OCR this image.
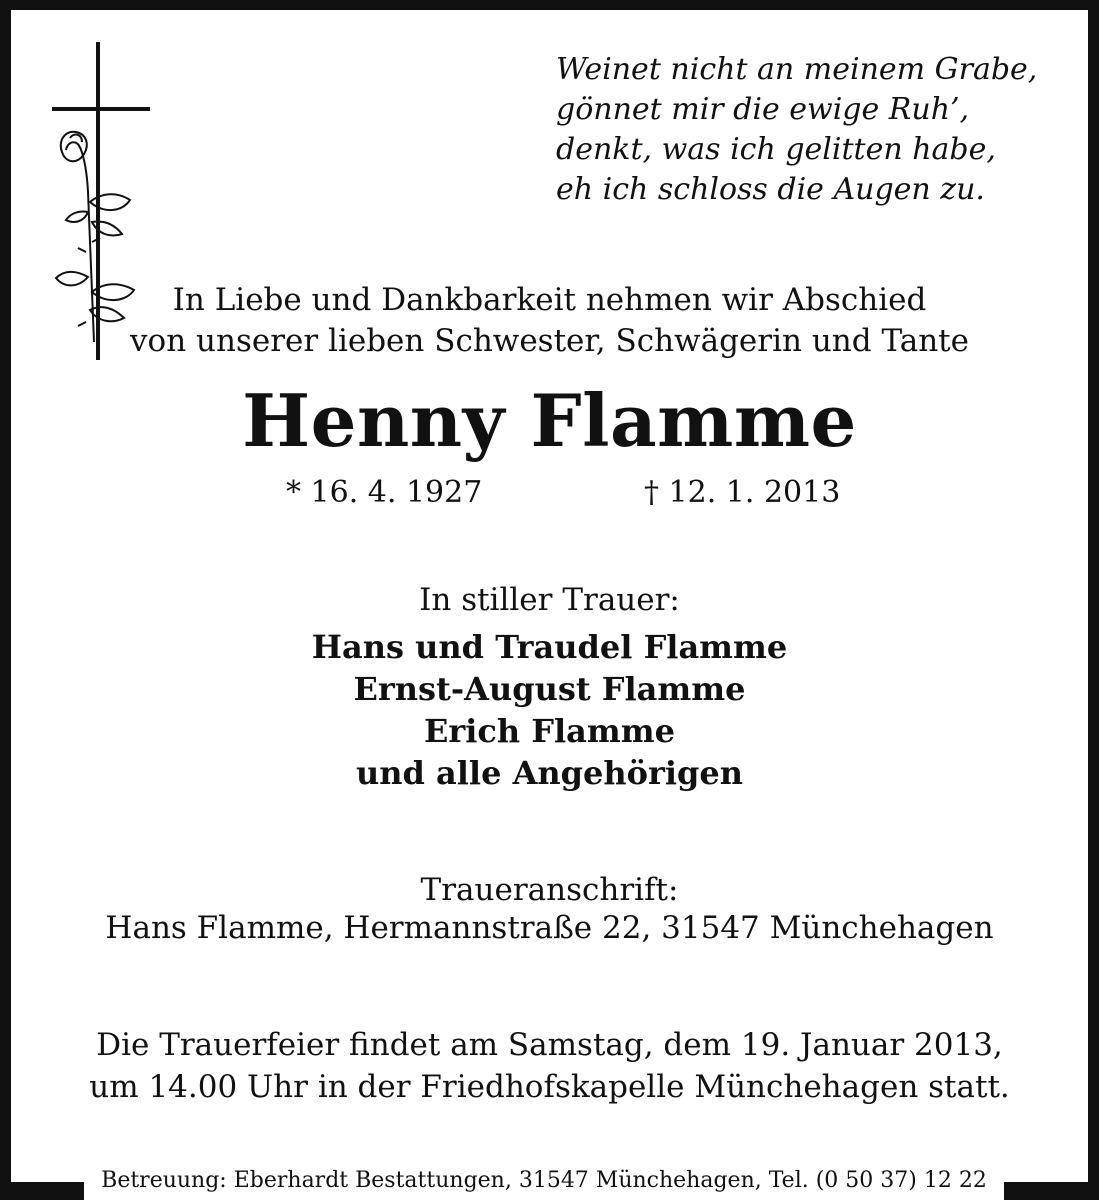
Weinet nicht an meinem Grabe,
gönnet mir die ewige Ruh’,
denkt, was ich gelitten habe,
eh ich schloss die Augen zu.
In Liebe und Dankbarkeit nehmen wir Abschied
von unserer lieben Schwester, Schwägerin und Tante
Henny Flamme
* 16. 4. 1927	† 12. 1. 2013
In stiller Trauer:
Hans und Traudel Flamme
Ernst-August Flamme
Erich Flamme
und alle Angehörigen
Traueranschrift:
Hans Flamme, Hermannstraße 22, 31547 Münchehagen
Die Trauerfeier findet am Samstag, dem 19. Januar 2013,
um 14.00 Uhr in der Friedhofskapelle Münchehagen statt.
Betreuung: Eberhardt Bestattungen, 31547 Münchehagen, Tel. (0 50 37) 12 22
